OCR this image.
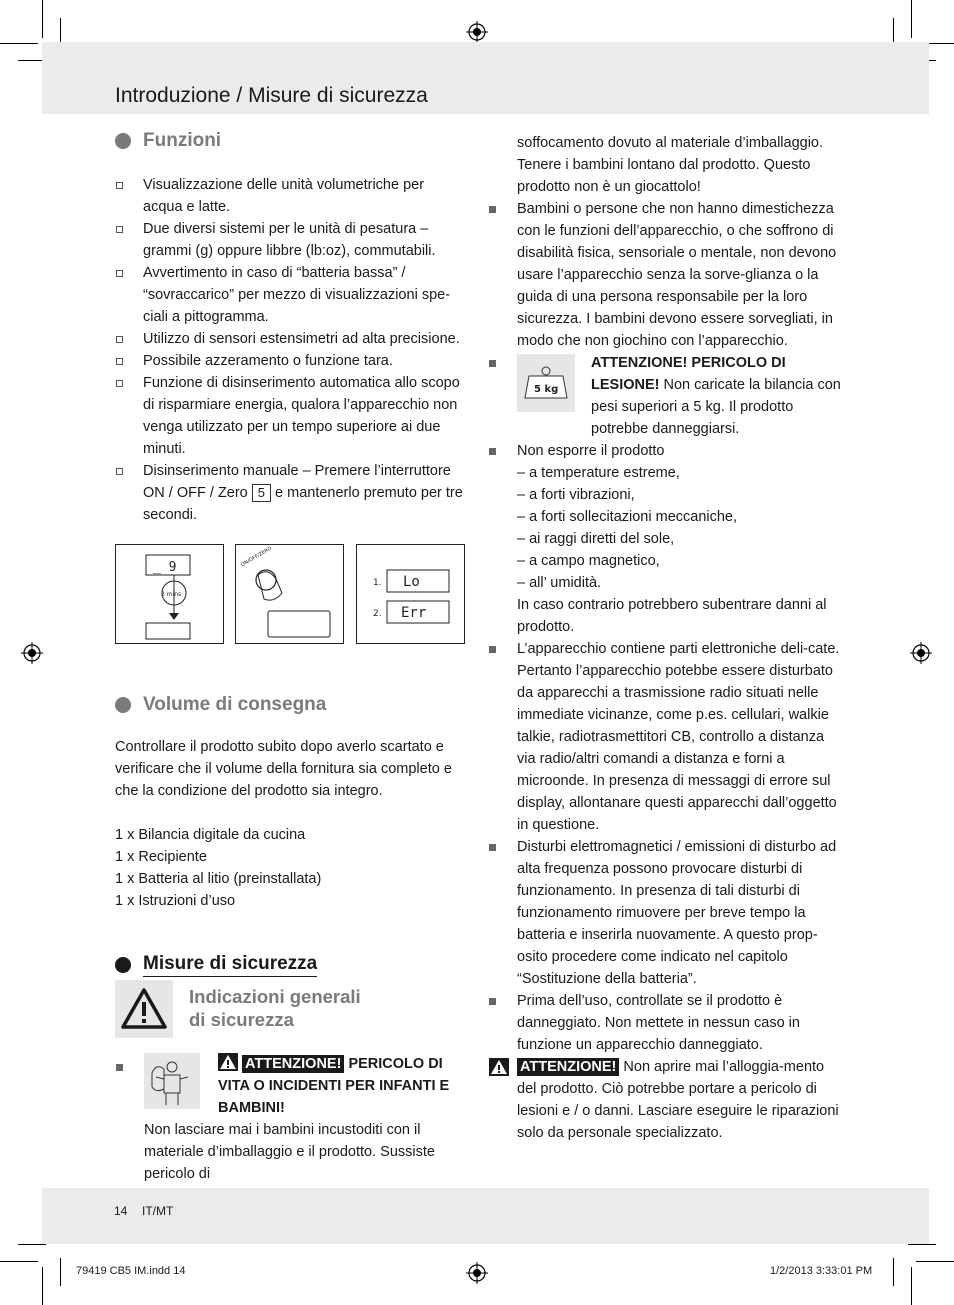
Introduzione / Misure di sicurezza
Funzioni
Visualizzazione delle unità volumetriche per acqua e latte.
Due diversi sistemi per le unità di pesatura – grammi (g) oppure libbre (lb:oz), commutabili.
Avvertimento in caso di “batteria bassa” / “sovraccarico” per mezzo di visualizzazioni spe-ciali a pittogramma.
Utilizzo di sensori estensimetri ad alta precisione.
Possibile azzeramento o funzione tara.
Funzione di disinserimento automatica allo scopo di risparmiare energia, qualora l’apparecchio non venga utilizzato per un tempo superiore ai due minuti.
Disinserimento manuale – Premere l’interruttore ON / OFF / Zero 5 e mantenerlo premuto per tre secondi.
_ 9
2 mins
ON/OFF/ZERO
1. Lo
2. Err
Volume di consegna

Controllare il prodotto subito dopo averlo scartato e verificare che il volume della fornitura sia completo e che la condizione del prodotto sia integro.

1 x Bilancia digitale da cucina

1 x Recipiente

1 x Batteria al litio (preinstallata)

1 x Istruzioni d’uso

Misure di sicurezza
Indicazioni generali
di sicurezza
ATTENZIONE! PERICOLO DI VITA O INCIDENTI PER INFANTI E BAMBINI!

Non lasciare mai i bambini incustoditi con il materiale d’imballaggio e il prodotto. Sussiste pericolo di

soffocamento dovuto al materiale d’imballaggio. Tenere i bambini lontano dal prodotto. Questo prodotto non è un giocattolo!

Bambini o persone che non hanno dimestichezza con le funzioni dell’apparecchio, o che soffrono di disabilità fisica, sensoriale o mentale, non devono usare l’apparecchio senza la sorve-glianza o la guida di una persona responsabile per la loro sicurezza. I bambini devono essere sorvegliati, in modo che non giochino con l’apparecchio.
5 kg
ATTENZIONE! PERICOLO DI LESIONE! Non caricate la bilancia con pesi superiori a 5 kg. Il prodotto potrebbe danneggiarsi.
Non esporre il prodotto
– a temperature estreme,
– a forti vibrazioni,
– a forti sollecitazioni meccaniche,
– ai raggi diretti del sole,
– a campo magnetico,
– all’ umidità.
In caso contrario potrebbero subentrare danni al prodotto.
L’apparecchio contiene parti elettroniche deli-cate. Pertanto l’apparecchio potebbe essere disturbato da apparecchi a trasmissione radio situati nelle immediate vicinanze, come p.es. cellulari, walkie talkie, radiotrasmettitori CB, controllo a distanza via radio/altri comandi a distanza e forni a microonde. In presenza di messaggi di errore sul display, allontanare questi apparecchi dall’oggetto in questione.
Disturbi elettromagnetici / emissioni di disturbo ad alta frequenza possono provocare disturbi di funzionamento. In presenza di tali disturbi di funzionamento rimuovere per breve tempo la batteria e inserirla nuovamente. A questo prop-osito procedere come indicato nel capitolo “Sostituzione della batteria”.
Prima dell’uso, controllate se il prodotto è danneggiato. Non mettete in nessun caso in funzione un apparecchio danneggiato.
ATTENZIONE! Non aprire mai l’alloggia-mento del prodotto. Ciò potrebbe portare a pericolo di lesioni e / o danni. Lasciare eseguire le riparazioni solo da personale specializzato.
14 IT/MT
79419 CB5 IM.indd 14	1/2/2013 3:33:01 PM
